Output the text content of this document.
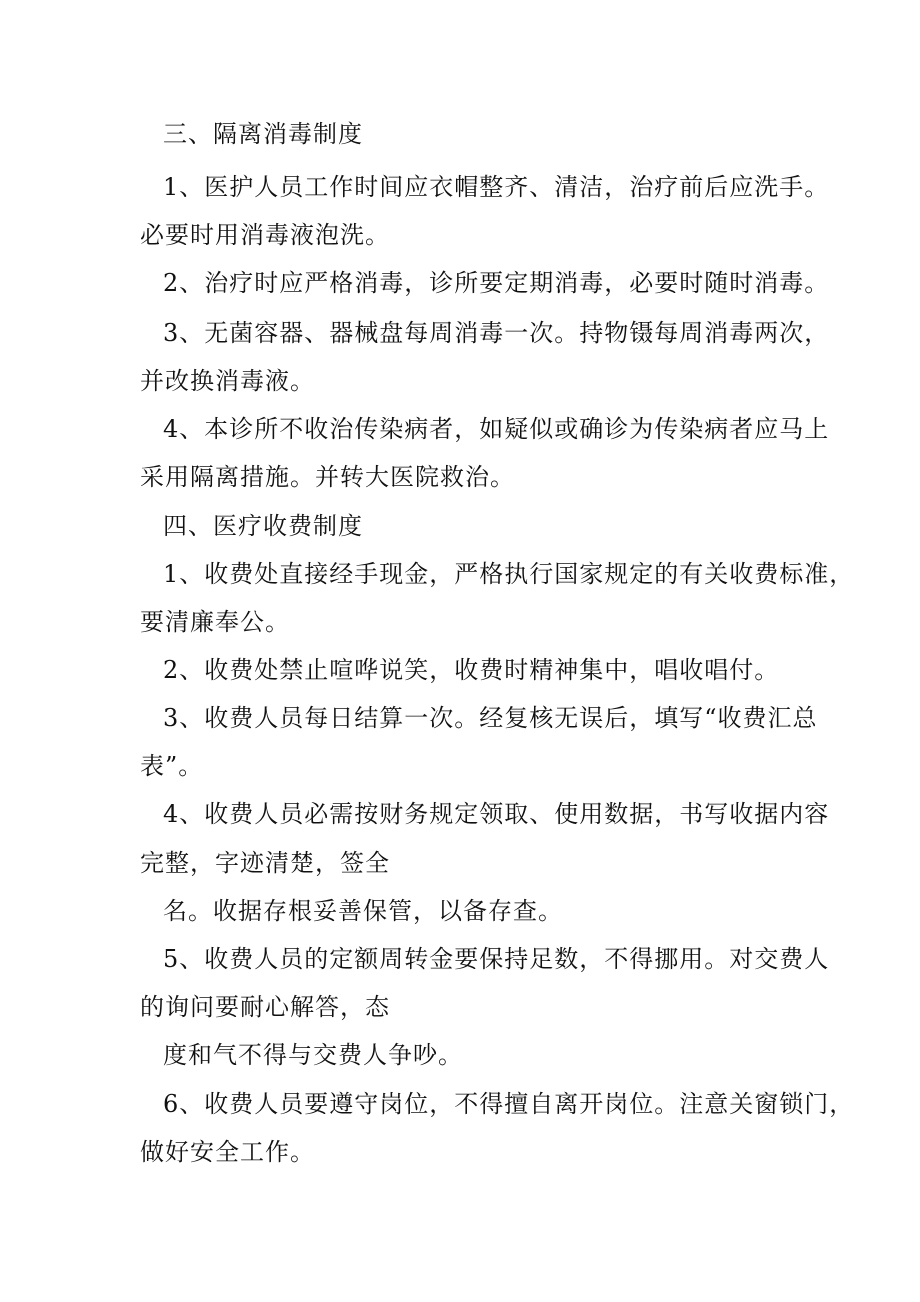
三、隔离消毒制度
1、医护人员工作时间应衣帽整齐、清洁，治疗前后应洗手。
必要时用消毒液泡洗。
2、治疗时应严格消毒，诊所要定期消毒，必要时随时消毒。
3、无菌容器、器械盘每周消毒一次。持物镊每周消毒两次，
并改换消毒液。
4、本诊所不收治传染病者，如疑似或确诊为传染病者应马上
采用隔离措施。并转大医院救治。
四、医疗收费制度
1、收费处直接经手现金，严格执行国家规定的有关收费标准，
要清廉奉公。
2、收费处禁止喧哗说笑，收费时精神集中，唱收唱付。
3、收费人员每日结算一次。经复核无误后，填写“收费汇总
表”。
4、收费人员必需按财务规定领取、使用数据，书写收据内容
完整，字迹清楚，签全
名。收据存根妥善保管，以备存查。
5、收费人员的定额周转金要保持足数，不得挪用。对交费人
的询问要耐心解答，态
度和气不得与交费人争吵。
6、收费人员要遵守岗位，不得擅自离开岗位。注意关窗锁门，
做好安全工作。
